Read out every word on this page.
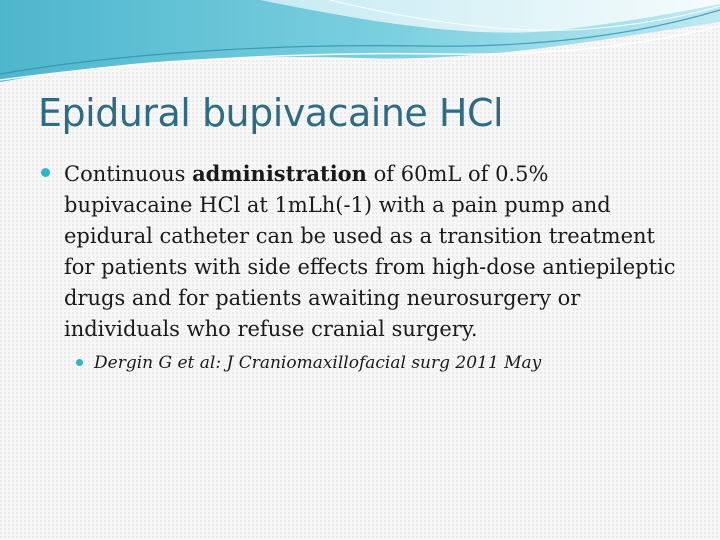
Epidural bupivacaine HCl

Continuous administration of 60mL of 0.5% bupivacaine HCl at 1mLh(-1) with a pain pump and epidural catheter can be used as a transition treatment for patients with side effects from high-dose antiepileptic drugs and for patients awaiting neurosurgery or individuals who refuse cranial surgery.

Dergin G et al: J Craniomaxillofacial surg 2011 May
